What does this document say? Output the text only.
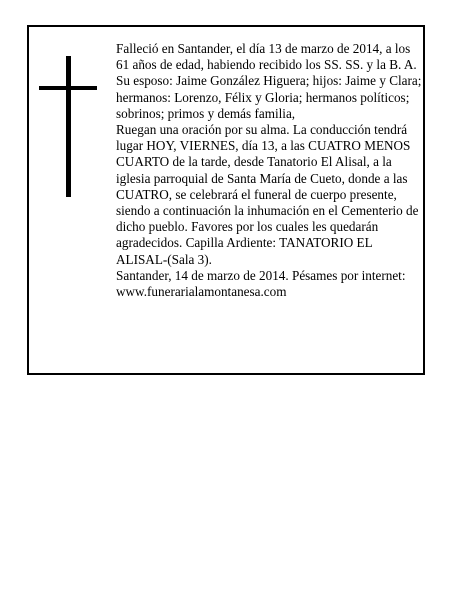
Falleció en Santander, el día 13 de marzo de 2014, a los 61 años de edad, habiendo recibido los SS. SS. y la B. A.

Su esposo: Jaime González Higuera; hijos: Jaime y Clara; hermanos: Lorenzo, Félix y Gloria; hermanos políticos; sobrinos; primos y demás familia,

Ruegan una oración por su alma. La conducción tendrá lugar HOY, VIERNES, día 13, a las CUATRO MENOS CUARTO de la tarde, desde Tanatorio El Alisal, a la iglesia parroquial de Santa María de Cueto, donde a las CUATRO, se celebrará el funeral de cuerpo presente, siendo a continuación la inhumación en el Cementerio de dicho pueblo. Favores por los cuales les quedarán agradecidos. Capilla Ardiente: TANATORIO EL ALISAL-(Sala 3).

Santander, 14 de marzo de 2014. Pésames por internet: www.funerarialamontanesa.com
